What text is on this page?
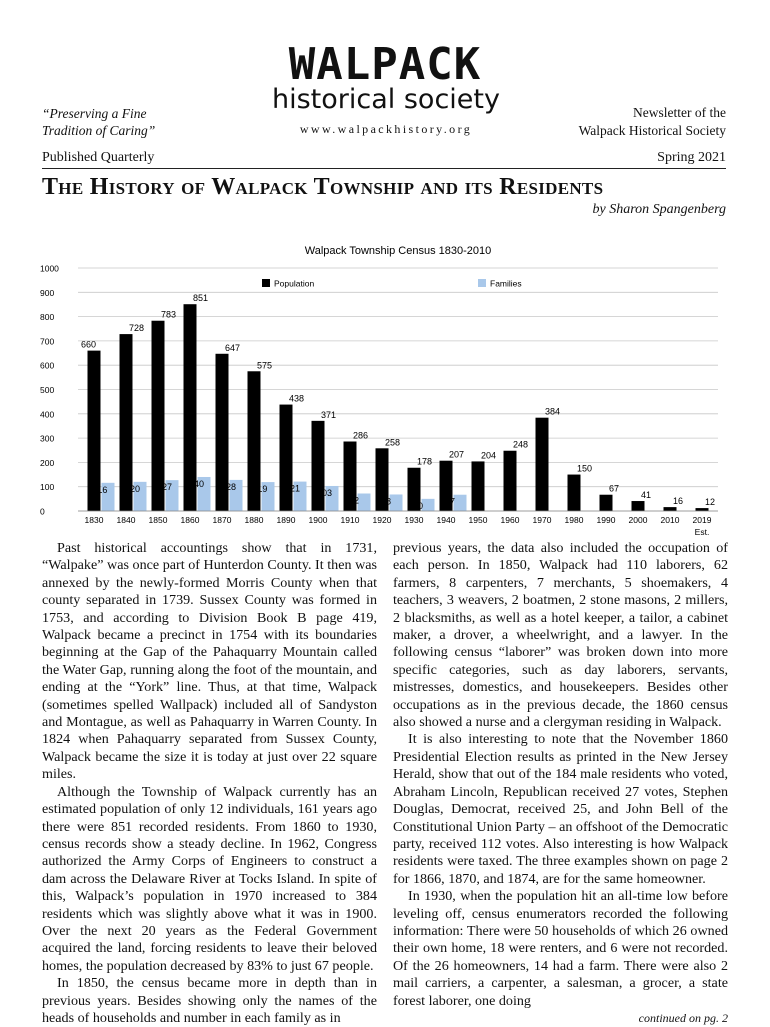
“Preserving a Fine
Tradition of Caring”
WALPACK
historical society
www.walpackhistory.org
Newsletter of the
Walpack Historical Society
Published Quarterly	Spring 2021
The History of Walpack Township and its Residents
by Sharon Spangenberg
Walpack Township Census 1830-2010
0
100
200
300
400
500
600
700
800
900
1000
Population	Families
660
116
1830
728
120
1840
783
127
1850
851
140
1860
647
128
1870
575
119
1880
438
121
1890
371
103
1900
286
72
1910
258
68
1920
178
50
1930
207
67
1940
204
1950
248
1960
384
1970
150
1980
67
1990
41
2000
16
2010
12
2019
Est.

Past historical accountings show that in 1731, “Walpake” was once part of Hunterdon County. It then was annexed by the newly-formed Morris County when that county separated in 1739. Sussex County was formed in 1753, and according to Division Book B page 419, Walpack became a precinct in 1754 with its boundaries beginning at the Gap of the Pahaquarry Mountain called the Water Gap, running along the foot of the mountain, and ending at the “York” line. Thus, at that time, Walpack (sometimes spelled Wallpack) included all of Sandyston and Montague, as well as Pahaquarry in Warren County. In 1824 when Pahaquarry separated from Sussex County, Walpack became the size it is today at just over 22 square miles.

Although the Township of Walpack currently has an estimated population of only 12 individuals, 161 years ago there were 851 recorded residents. From 1860 to 1930, census records show a steady decline. In 1962, Congress authorized the Army Corps of Engineers to construct a dam across the Delaware River at Tocks Island. In spite of this, Walpack’s population in 1970 increased to 384 residents which was slightly above what it was in 1900. Over the next 20 years as the Federal Government acquired the land, forcing residents to leave their beloved homes, the population decreased by 83% to just 67 people.

In 1850, the census became more in depth than in previous years. Besides showing only the names of the heads of households and number in each family as in

previous years, the data also included the occupation of each person. In 1850, Walpack had 110 laborers, 62 farmers, 8 carpenters, 7 merchants, 5 shoemakers, 4 teachers, 3 weavers, 2 boatmen, 2 stone masons, 2 millers, 2 blacksmiths, as well as a hotel keeper, a tailor, a cabinet maker, a drover, a wheelwright, and a lawyer. In the following census “laborer” was broken down into more specific categories, such as day laborers, servants, mistresses, domestics, and housekeepers. Besides other occupations as in the previous decade, the 1860 census also showed a nurse and a clergyman residing in Walpack.

It is also interesting to note that the November 1860 Presidential Election results as printed in the New Jersey Herald, show that out of the 184 male residents who voted, Abraham Lincoln, Republican received 27 votes, Stephen Douglas, Democrat, received 25, and John Bell of the Constitutional Union Party – an offshoot of the Democratic party, received 112 votes. Also interesting is how Walpack residents were taxed. The three examples shown on page 2 for 1866, 1870, and 1874, are for the same homeowner.

In 1930, when the population hit an all-time low before leveling off, census enumerators recorded the following information: There were 50 households of which 26 owned their own home, 18 were renters, and 6 were not recorded. Of the 26 homeowners, 14 had a farm. There were also 2 mail carriers, a carpenter, a salesman, a grocer, a state forest laborer, one doing

continued on pg. 2
